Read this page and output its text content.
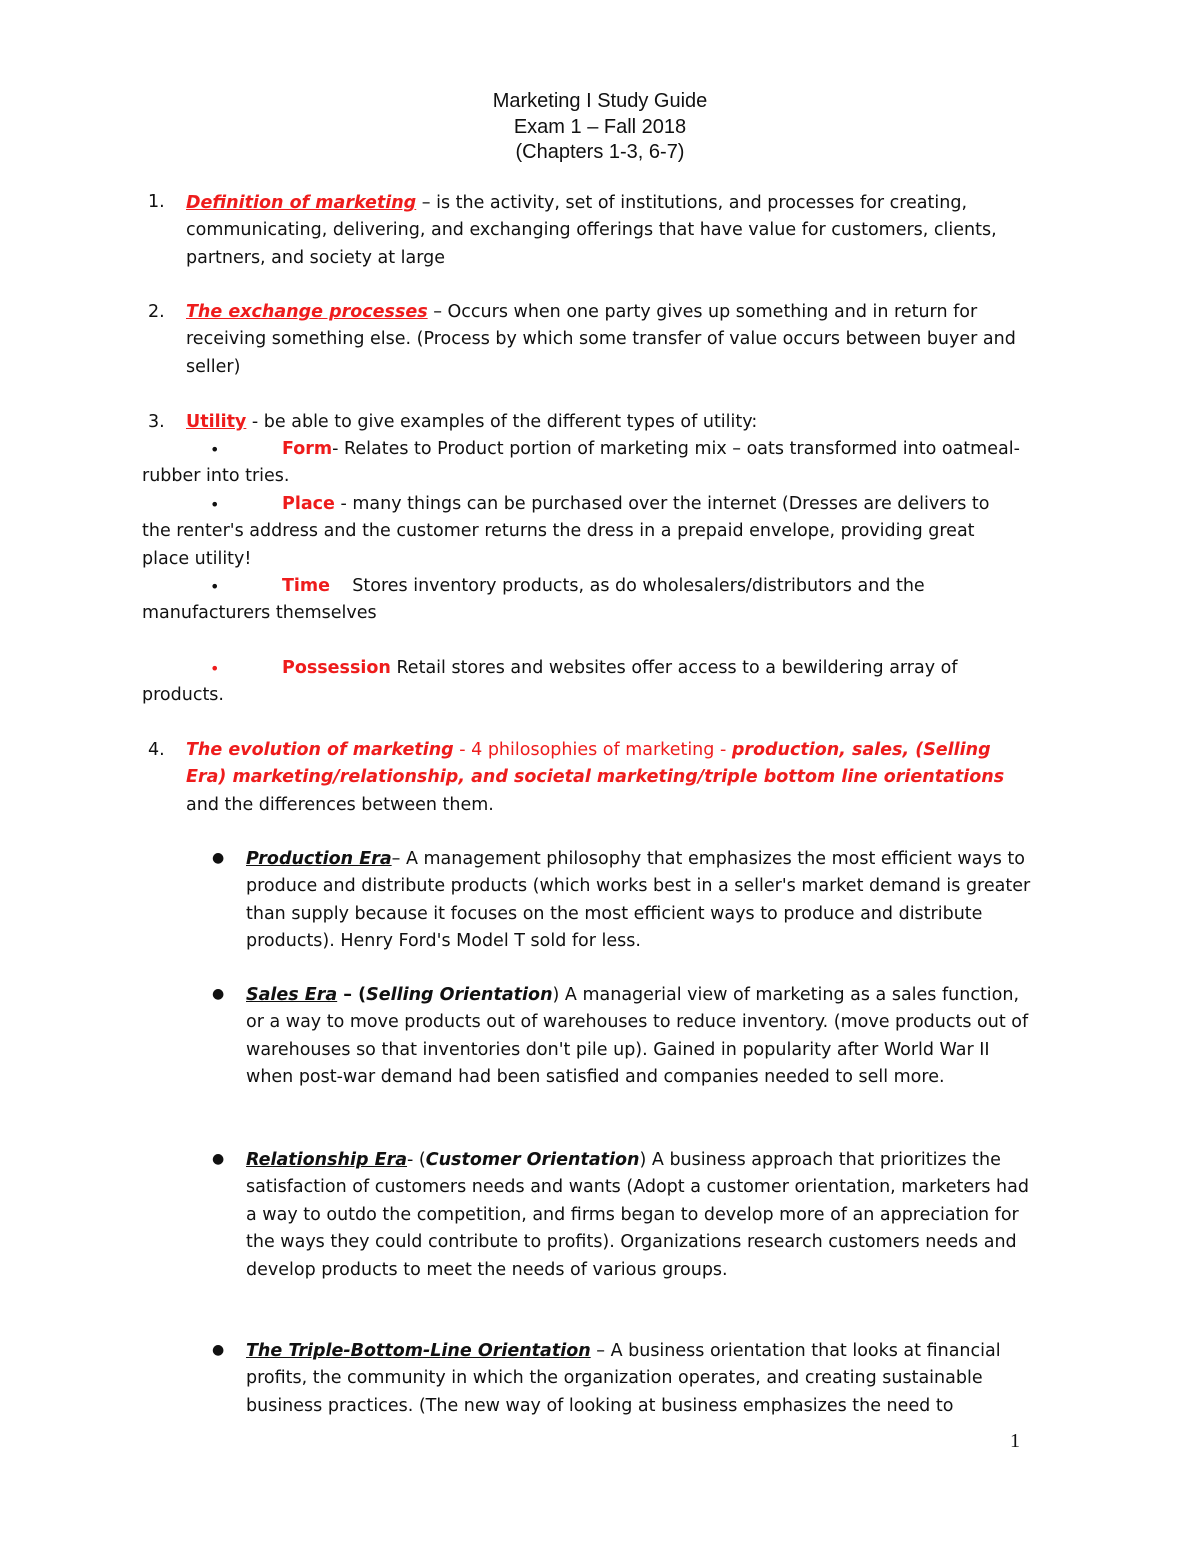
Marketing I Study Guide
Exam 1 – Fall 2018
(Chapters 1-3, 6-7)
1. Definition of marketing – is the activity, set of institutions, and processes for creating, communicating, delivering, and exchanging offerings that have value for customers, clients, partners, and society at large
2. The exchange processes – Occurs when one party gives up something and in return for receiving something else. (Process by which some transfer of value occurs between buyer and seller)
3. Utility - be able to give examples of the different types of utility:
•	Form- Relates to Product portion of marketing mix – oats transformed into oatmeal- rubber into tries.
•	Place - many things can be purchased over the internet (Dresses are delivers to the renter's address and the customer returns the dress in a prepaid envelope, providing great place utility!
•	Time    Stores inventory products, as do wholesalers/distributors and the manufacturers themselves
•	Possession Retail stores and websites offer access to a bewildering array of products.
4. The evolution of marketing - 4 philosophies of marketing - production, sales, (Selling Era) marketing/relationship, and societal marketing/triple bottom line orientations and the differences between them.
● Production Era– A management philosophy that emphasizes the most efficient ways to produce and distribute products (which works best in a seller's market demand is greater than supply because it focuses on the most efficient ways to produce and distribute products). Henry Ford's Model T sold for less.
● Sales Era – (Selling Orientation) A managerial view of marketing as a sales function, or a way to move products out of warehouses to reduce inventory. (move products out of warehouses so that inventories don't pile up). Gained in popularity after World War II when post-war demand had been satisfied and companies needed to sell more.
● Relationship Era- (Customer Orientation) A business approach that prioritizes the satisfaction of customers needs and wants (Adopt a customer orientation, marketers had a way to outdo the competition, and firms began to develop more of an appreciation for the ways they could contribute to profits). Organizations research customers needs and develop products to meet the needs of various groups.
● The Triple-Bottom-Line Orientation – A business orientation that looks at financial profits, the community in which the organization operates, and creating sustainable business practices. (The new way of looking at business emphasizes the need to
1
